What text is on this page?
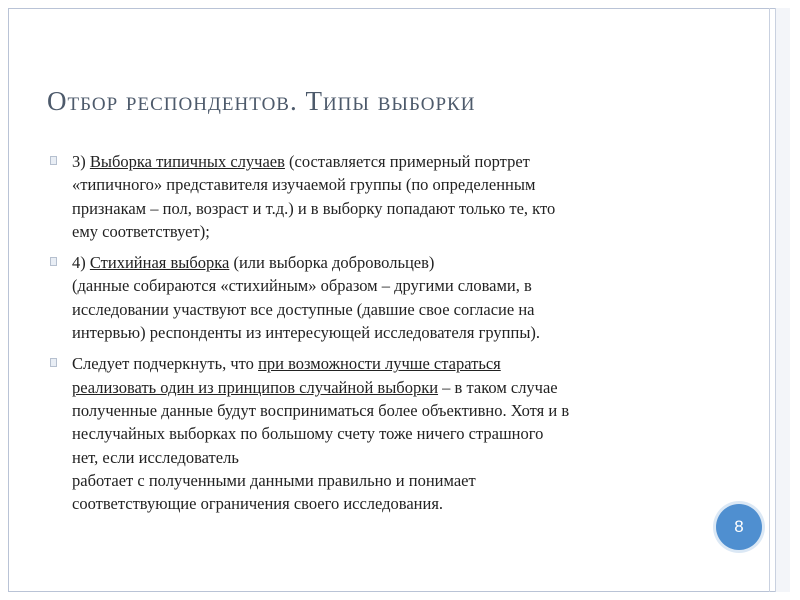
Отбор респондентов. Типы выборки
3) Выборка типичных случаев (составляется примерный портрет
«типичного» представителя изучаемой группы (по определенным
признакам – пол, возраст и т.д.) и в выборку попадают только те, кто
ему соответствует);
4) Стихийная выборка (или выборка добровольцев)
(данные собираются «стихийным» образом – другими словами, в
исследовании участвуют все доступные (давшие свое согласие на
интервью) респонденты из интересующей исследователя группы).
Следует подчеркнуть, что при возможности лучше стараться
реализовать один из принципов случайной выборки – в таком случае
полученные данные будут восприниматься более объективно. Хотя и в
неслучайных выборках по большому счету тоже ничего страшного
нет, если исследователь
работает с полученными данными правильно и понимает
соответствующие ограничения своего исследования.
8
